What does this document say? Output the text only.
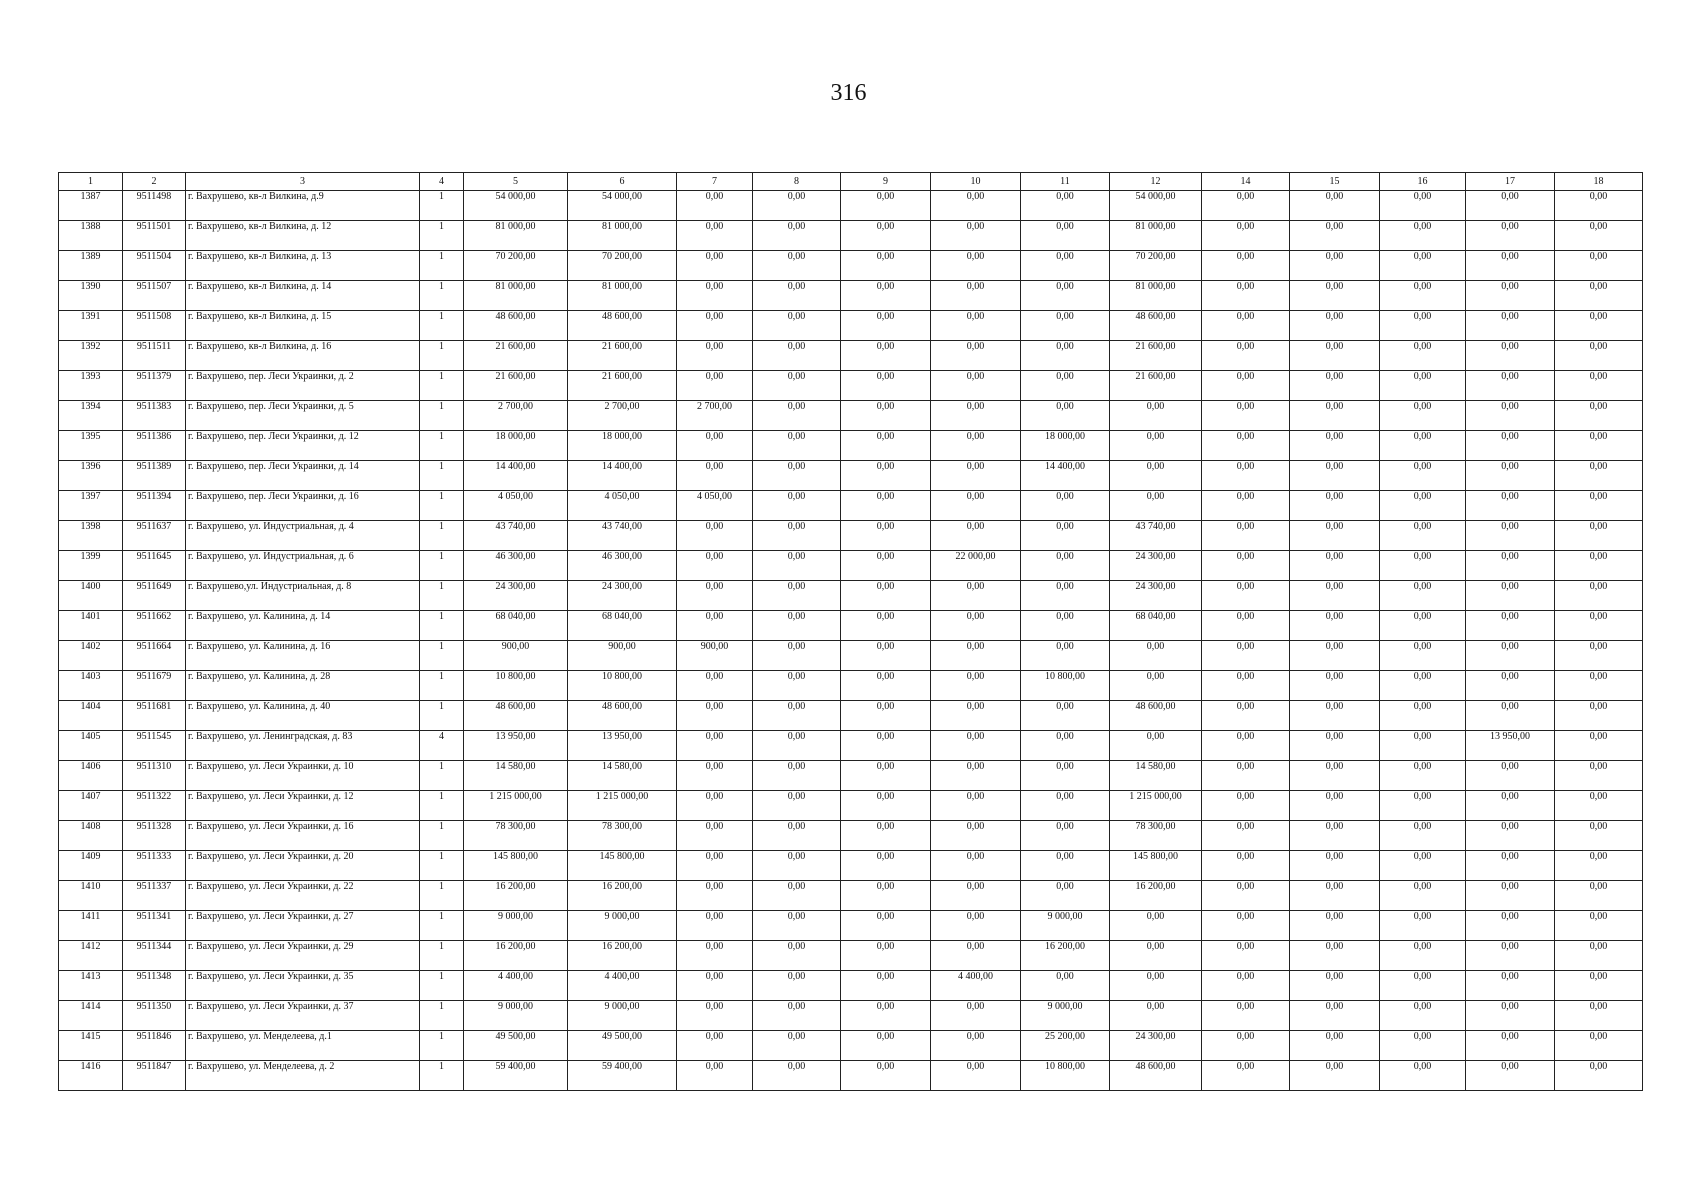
316
1	2	3	4	5	6	7	8	9	10	11	12	14	15	16	17	18
1387	9511498	г. Вахрушево, кв-л Вилкина, д.9	1	54 000,00	54 000,00	0,00	0,00	0,00	0,00	0,00	54 000,00	0,00	0,00	0,00	0,00	0,00
1388	9511501	г. Вахрушево, кв-л Вилкина, д. 12	1	81 000,00	81 000,00	0,00	0,00	0,00	0,00	0,00	81 000,00	0,00	0,00	0,00	0,00	0,00
1389	9511504	г. Вахрушево, кв-л Вилкина, д. 13	1	70 200,00	70 200,00	0,00	0,00	0,00	0,00	0,00	70 200,00	0,00	0,00	0,00	0,00	0,00
1390	9511507	г. Вахрушево, кв-л Вилкина, д. 14	1	81 000,00	81 000,00	0,00	0,00	0,00	0,00	0,00	81 000,00	0,00	0,00	0,00	0,00	0,00
1391	9511508	г. Вахрушево, кв-л Вилкина, д. 15	1	48 600,00	48 600,00	0,00	0,00	0,00	0,00	0,00	48 600,00	0,00	0,00	0,00	0,00	0,00
1392	9511511	г. Вахрушево, кв-л Вилкина, д. 16	1	21 600,00	21 600,00	0,00	0,00	0,00	0,00	0,00	21 600,00	0,00	0,00	0,00	0,00	0,00
1393	9511379	г. Вахрушево, пер. Леси Украинки, д. 2	1	21 600,00	21 600,00	0,00	0,00	0,00	0,00	0,00	21 600,00	0,00	0,00	0,00	0,00	0,00
1394	9511383	г. Вахрушево, пер. Леси Украинки, д. 5	1	2 700,00	2 700,00	2 700,00	0,00	0,00	0,00	0,00	0,00	0,00	0,00	0,00	0,00	0,00
1395	9511386	г. Вахрушево, пер. Леси Украинки, д. 12	1	18 000,00	18 000,00	0,00	0,00	0,00	0,00	18 000,00	0,00	0,00	0,00	0,00	0,00	0,00
1396	9511389	г. Вахрушево, пер. Леси Украинки, д. 14	1	14 400,00	14 400,00	0,00	0,00	0,00	0,00	14 400,00	0,00	0,00	0,00	0,00	0,00	0,00
1397	9511394	г. Вахрушево, пер. Леси Украинки, д. 16	1	4 050,00	4 050,00	4 050,00	0,00	0,00	0,00	0,00	0,00	0,00	0,00	0,00	0,00	0,00
1398	9511637	г. Вахрушево, ул. Индустриальная, д. 4	1	43 740,00	43 740,00	0,00	0,00	0,00	0,00	0,00	43 740,00	0,00	0,00	0,00	0,00	0,00
1399	9511645	г. Вахрушево, ул. Индустриальная, д. 6	1	46 300,00	46 300,00	0,00	0,00	0,00	22 000,00	0,00	24 300,00	0,00	0,00	0,00	0,00	0,00
1400	9511649	г. Вахрушево,ул. Индустриальная, д. 8	1	24 300,00	24 300,00	0,00	0,00	0,00	0,00	0,00	24 300,00	0,00	0,00	0,00	0,00	0,00
1401	9511662	г. Вахрушево, ул. Калинина, д. 14	1	68 040,00	68 040,00	0,00	0,00	0,00	0,00	0,00	68 040,00	0,00	0,00	0,00	0,00	0,00
1402	9511664	г. Вахрушево, ул. Калинина, д. 16	1	900,00	900,00	900,00	0,00	0,00	0,00	0,00	0,00	0,00	0,00	0,00	0,00	0,00
1403	9511679	г. Вахрушево, ул. Калинина, д. 28	1	10 800,00	10 800,00	0,00	0,00	0,00	0,00	10 800,00	0,00	0,00	0,00	0,00	0,00	0,00
1404	9511681	г. Вахрушево, ул. Калинина, д. 40	1	48 600,00	48 600,00	0,00	0,00	0,00	0,00	0,00	48 600,00	0,00	0,00	0,00	0,00	0,00
1405	9511545	г. Вахрушево, ул. Ленинградская, д. 83	4	13 950,00	13 950,00	0,00	0,00	0,00	0,00	0,00	0,00	0,00	0,00	0,00	13 950,00	0,00
1406	9511310	г. Вахрушево, ул. Леси Украинки, д. 10	1	14 580,00	14 580,00	0,00	0,00	0,00	0,00	0,00	14 580,00	0,00	0,00	0,00	0,00	0,00
1407	9511322	г. Вахрушево, ул. Леси Украинки, д. 12	1	1 215 000,00	1 215 000,00	0,00	0,00	0,00	0,00	0,00	1 215 000,00	0,00	0,00	0,00	0,00	0,00
1408	9511328	г. Вахрушево, ул. Леси Украинки, д. 16	1	78 300,00	78 300,00	0,00	0,00	0,00	0,00	0,00	78 300,00	0,00	0,00	0,00	0,00	0,00
1409	9511333	г. Вахрушево, ул. Леси Украинки, д. 20	1	145 800,00	145 800,00	0,00	0,00	0,00	0,00	0,00	145 800,00	0,00	0,00	0,00	0,00	0,00
1410	9511337	г. Вахрушево, ул. Леси Украинки, д. 22	1	16 200,00	16 200,00	0,00	0,00	0,00	0,00	0,00	16 200,00	0,00	0,00	0,00	0,00	0,00
1411	9511341	г. Вахрушево, ул. Леси Украинки, д. 27	1	9 000,00	9 000,00	0,00	0,00	0,00	0,00	9 000,00	0,00	0,00	0,00	0,00	0,00	0,00
1412	9511344	г. Вахрушево, ул. Леси Украинки, д. 29	1	16 200,00	16 200,00	0,00	0,00	0,00	0,00	16 200,00	0,00	0,00	0,00	0,00	0,00	0,00
1413	9511348	г. Вахрушево, ул. Леси Украинки, д. 35	1	4 400,00	4 400,00	0,00	0,00	0,00	4 400,00	0,00	0,00	0,00	0,00	0,00	0,00	0,00
1414	9511350	г. Вахрушево, ул. Леси Украинки, д. 37	1	9 000,00	9 000,00	0,00	0,00	0,00	0,00	9 000,00	0,00	0,00	0,00	0,00	0,00	0,00
1415	9511846	г. Вахрушево, ул. Менделеева, д.1	1	49 500,00	49 500,00	0,00	0,00	0,00	0,00	25 200,00	24 300,00	0,00	0,00	0,00	0,00	0,00
1416	9511847	г. Вахрушево, ул. Менделеева, д. 2	1	59 400,00	59 400,00	0,00	0,00	0,00	0,00	10 800,00	48 600,00	0,00	0,00	0,00	0,00	0,00
